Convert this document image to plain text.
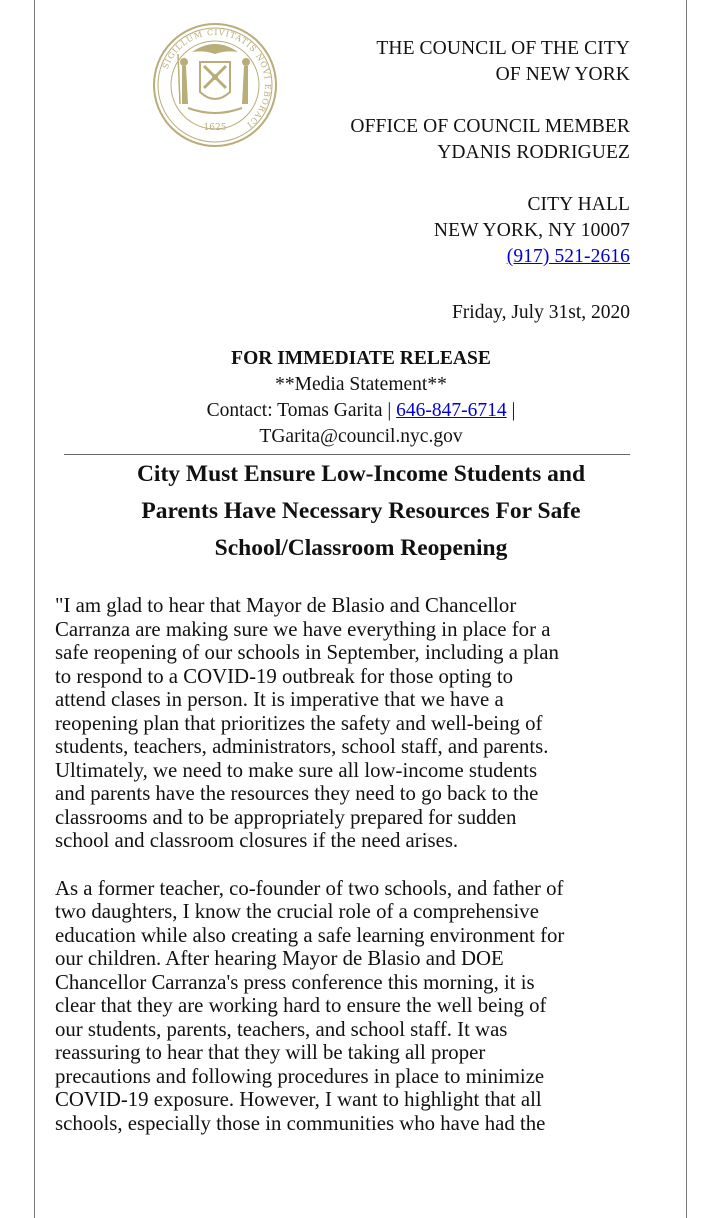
SIGILLUM CIVITATIS NOVI EBORACI
1625
THE COUNCIL OF THE CITY
OF NEW YORK
OFFICE OF COUNCIL MEMBER
YDANIS RODRIGUEZ
CITY HALL
NEW YORK, NY 10007
(917) 521-2616
Friday, July 31st, 2020
FOR IMMEDIATE RELEASE
**Media Statement**
Contact: Tomas Garita | 646-847-6714 |
TGarita@council.nyc.gov
City Must Ensure Low-Income Students and
Parents Have Necessary Resources For Safe
School/Classroom Reopening

"I am glad to hear that Mayor de Blasio and Chancellor
Carranza are making sure we have everything in place for a
safe reopening of our schools in September, including a plan
to respond to a COVID-19 outbreak for those opting to
attend clases in person. It is imperative that we have a
reopening plan that prioritizes the safety and well-being of
students, teachers, administrators, school staff, and parents.
Ultimately, we need to make sure all low-income students
and parents have the resources they need to go back to the
classrooms and to be appropriately prepared for sudden
school and classroom closures if the need arises.

As a former teacher, co-founder of two schools, and father of
two daughters, I know the crucial role of a comprehensive
education while also creating a safe learning environment for
our children. After hearing Mayor de Blasio and DOE
Chancellor Carranza's press conference this morning, it is
clear that they are working hard to ensure the well being of
our students, parents, teachers, and school staff. It was
reassuring to hear that they will be taking all proper
precautions and following procedures in place to minimize
COVID-19 exposure. However, I want to highlight that all
schools, especially those in communities who have had the
